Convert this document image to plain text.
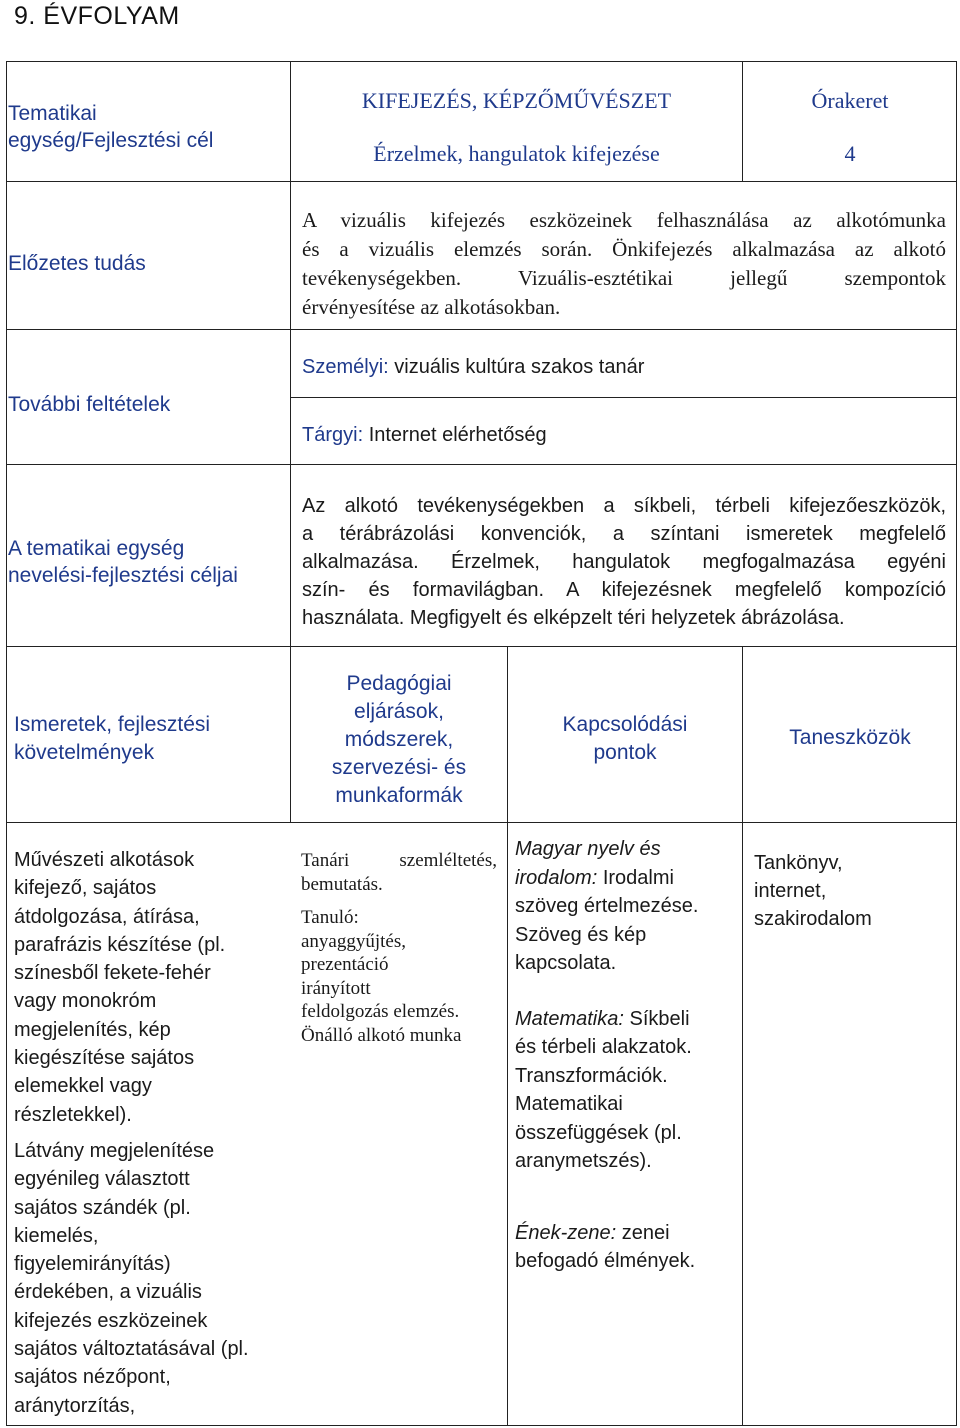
9. ÉVFOLYAM
Tematikai
egység/Fejlesztési cél
KIFEJEZÉS, KÉPZŐMŰVÉSZET
Érzelmek, hangulatok kifejezése
Órakeret
4
Előzetes tudás
A vizuális kifejezés eszközeinek felhasználása az alkotómunka
és a vizuális elemzés során. Önkifejezés alkalmazása az alkotó
tevékenységekben. Vizuális-esztétikai jellegű szempontok
érvényesítése az alkotásokban.
További feltételek
Személyi: vizuális kultúra szakos tanár
Tárgyi: Internet elérhetőség
A tematikai egység
nevelési-fejlesztési céljai
Az alkotó tevékenységekben a síkbeli, térbeli kifejezőeszközök,
a térábrázolási konvenciók, a színtani ismeretek megfelelő
alkalmazása. Érzelmek, hangulatok megfogalmazása egyéni
szín- és formavilágban. A kifejezésnek megfelelő kompozíció
használata. Megfigyelt és elképzelt téri helyzetek ábrázolása.
Ismeretek, fejlesztési
követelmények
Pedagógiai
eljárások,
módszerek,
szervezési- és
munkaformák
Kapcsolódási
pontok
Taneszközök
Művészeti alkotások
kifejező, sajátos
átdolgozása, átírása,
parafrázis készítése (pl.
színesből fekete-fehér
vagy monokróm
megjelenítés, kép
kiegészítése sajátos
elemekkel vagy
részletekkel).
Látvány megjelenítése
egyénileg választott
sajátos szándék (pl.
kiemelés,
figyelemirányítás)
érdekében, a vizuális
kifejezés eszközeinek
sajátos változtatásával (pl.
sajátos nézőpont,
aránytorzítás,
Tanári szemléltetés,
bemutatás.
Tanuló:
anyaggyűjtés,
prezentáció
irányított
feldolgozás elemzés.
Önálló alkotó munka
Magyar nyelv és
irodalom: Irodalmi
szöveg értelmezése.
Szöveg és kép
kapcsolata.
Matematika: Síkbeli
és térbeli alakzatok.
Transzformációk.
Matematikai
összefüggések (pl.
aranymetszés).
Ének-zene: zenei
befogadó élmények.
Tankönyv,
internet,
szakirodalom
